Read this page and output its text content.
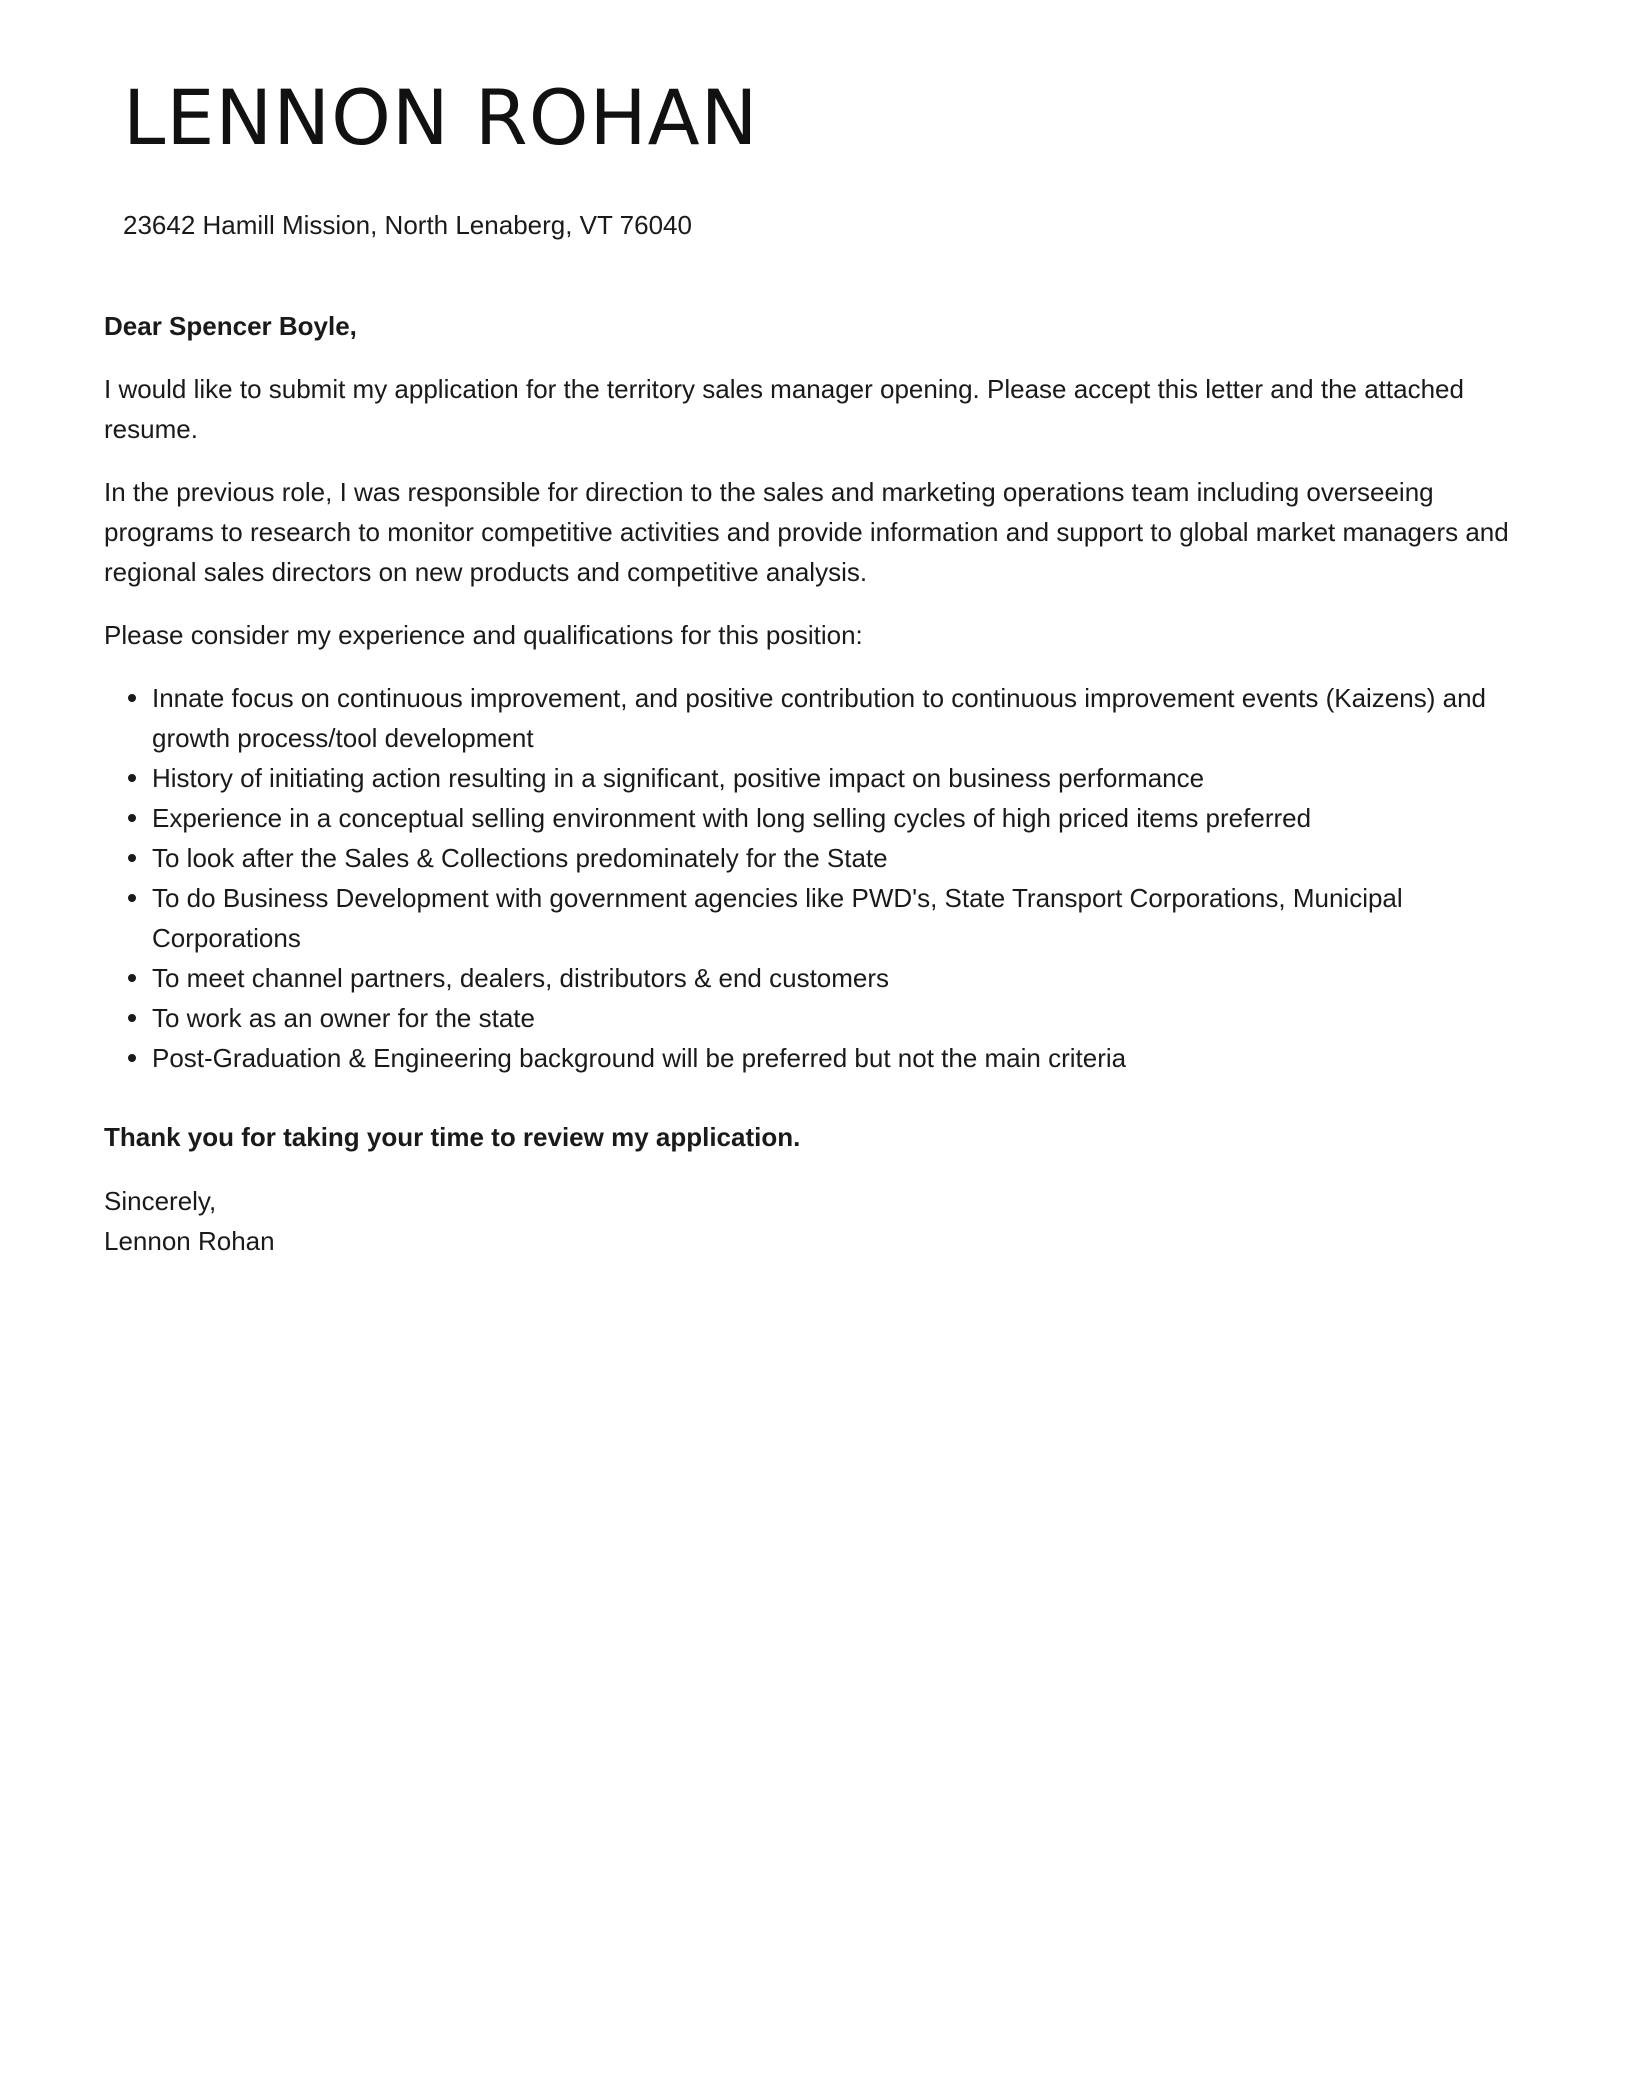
LENNON ROHAN
23642 Hamill Mission, North Lenaberg, VT 76040

Dear Spencer Boyle,

I would like to submit my application for the territory sales manager opening. Please accept this letter and the attached resume.

In the previous role, I was responsible for direction to the sales and marketing operations team including overseeing programs to research to monitor competitive activities and provide information and support to global market managers and regional sales directors on new products and competitive analysis.

Please consider my experience and qualifications for this position:

Innate focus on continuous improvement, and positive contribution to continuous improvement events (Kaizens) and growth process/tool development
History of initiating action resulting in a significant, positive impact on business performance
Experience in a conceptual selling environment with long selling cycles of high priced items preferred
To look after the Sales & Collections predominately for the State
To do Business Development with government agencies like PWD's, State Transport Corporations, Municipal Corporations
To meet channel partners, dealers, distributors & end customers
To work as an owner for the state
Post-Graduation & Engineering background will be preferred but not the main criteria

Thank you for taking your time to review my application.

Sincerely,
Lennon Rohan
